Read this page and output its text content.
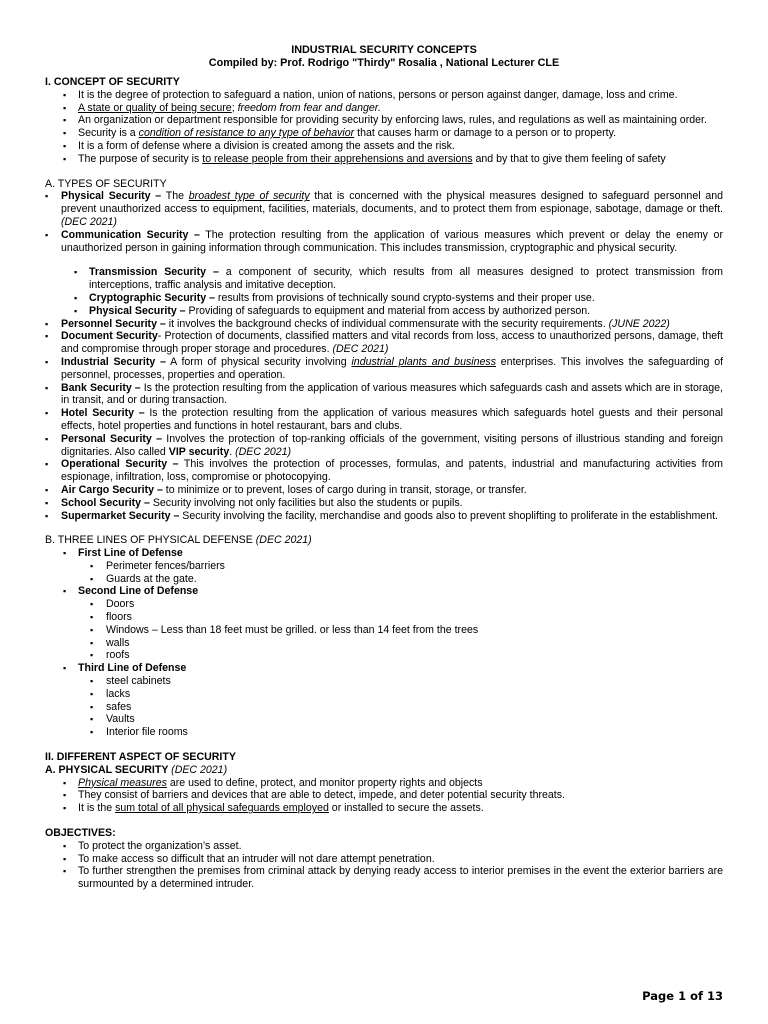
INDUSTRIAL SECURITY CONCEPTS
Compiled by: Prof. Rodrigo "Thirdy" Rosalia , National Lecturer CLE
I. CONCEPT OF SECURITY
▪ It is the degree of protection to safeguard a nation, union of nations, persons or person against danger, damage, loss and crime.
▪ A state or quality of being secure; freedom from fear and danger.
▪ An organization or department responsible for providing security by enforcing laws, rules, and regulations as well as maintaining order.
▪ Security is a condition of resistance to any type of behavior that causes harm or damage to a person or to property.
▪ It is a form of defense where a division is created among the assets and the risk.
▪ The purpose of security is to release people from their apprehensions and aversions and by that to give them feeling of safety
A. TYPES OF SECURITY
▪ Physical Security – The broadest type of security that is concerned with the physical measures designed to safeguard personnel and prevent unauthorized access to equipment, facilities, materials, documents, and to protect them from espionage, sabotage, damage or theft. (DEC 2021)
▪ Communication Security – The protection resulting from the application of various measures which prevent or delay the enemy or unauthorized person in gaining information through communication. This includes transmission, cryptographic and physical security.
▪ Transmission Security – a component of security, which results from all measures designed to protect transmission from interceptions, traffic analysis and imitative deception.
▪ Cryptographic Security – results from provisions of technically sound crypto-systems and their proper use.
▪ Physical Security – Providing of safeguards to equipment and material from access by authorized person.
▪ Personnel Security – it involves the background checks of individual commensurate with the security requirements. (JUNE 2022)
▪ Document Security- Protection of documents, classified matters and vital records from loss, access to unauthorized persons, damage, theft and compromise through proper storage and procedures. (DEC 2021)
▪ Industrial Security – A form of physical security involving industrial plants and business enterprises. This involves the safeguarding of personnel, processes, properties and operation.
▪ Bank Security – Is the protection resulting from the application of various measures which safeguards cash and assets which are in storage, in transit, and or during transaction.
▪ Hotel Security – Is the protection resulting from the application of various measures which safeguards hotel guests and their personal effects, hotel properties and functions in hotel restaurant, bars and clubs.
▪ Personal Security – Involves the protection of top-ranking officials of the government, visiting persons of illustrious standing and foreign dignitaries. Also called VIP security. (DEC 2021)
▪ Operational Security – This involves the protection of processes, formulas, and patents, industrial and manufacturing activities from espionage, infiltration, loss, compromise or photocopying.
▪ Air Cargo Security – to minimize or to prevent, loses of cargo during in transit, storage, or transfer.
▪ School Security – Security involving not only facilities but also the students or pupils.
▪ Supermarket Security – Security involving the facility, merchandise and goods also to prevent shoplifting to proliferate in the establishment.
B. THREE LINES OF PHYSICAL DEFENSE (DEC 2021)
▪ First Line of Defense
▪ Perimeter fences/barriers
▪ Guards at the gate.
▪ Second Line of Defense
▪ Doors
▪ floors
▪ Windows – Less than 18 feet must be grilled. or less than 14 feet from the trees
▪ walls
▪ roofs
▪ Third Line of Defense
▪ steel cabinets
▪ lacks
▪ safes
▪ Vaults
▪ Interior file rooms
II. DIFFERENT ASPECT OF SECURITY
A. PHYSICAL SECURITY (DEC 2021)
▪ Physical measures are used to define, protect, and monitor property rights and objects
▪ They consist of barriers and devices that are able to detect, impede, and deter potential security threats.
▪ It is the sum total of all physical safeguards employed or installed to secure the assets.
OBJECTIVES:
▪ To protect the organization’s asset.
▪ To make access so difficult that an intruder will not dare attempt penetration.
▪ To further strengthen the premises from criminal attack by denying ready access to interior premises in the event the exterior barriers are surmounted by a determined intruder.
Page 1 of 13
